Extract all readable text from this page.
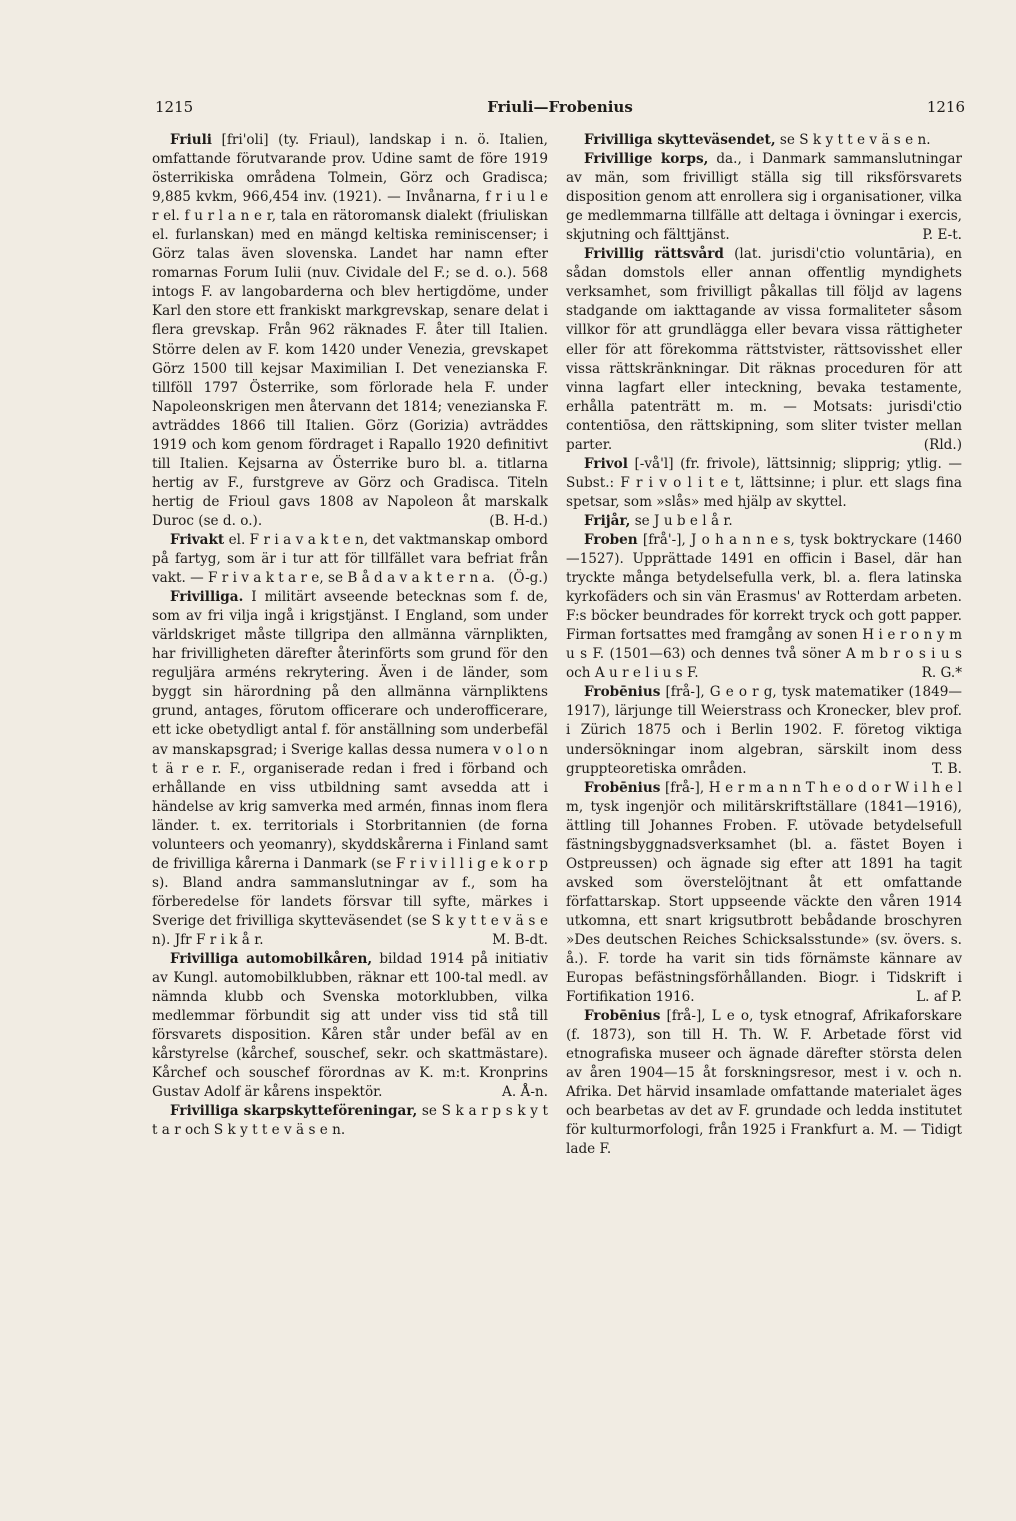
1215	Friuli—Frobenius	1216

Friuli [fri'oli] (ty. Friaul), landskap i n. ö. Italien, omfattande förutvarande prov. Udine samt de före 1919 österrikiska områdena Tolmein, Görz och Gradisca; 9,885 kvkm, 966,454 inv. (1921). — Invånarna, f r i u l e r el. f u r l a n e r, tala en rätoromansk dialekt (friuliskan el. furlanskan) med en mängd keltiska reminiscenser; i Görz talas även slovenska. Landet har namn efter romarnas Forum Iulii (nuv. Cividale del F.; se d. o.). 568 intogs F. av langobarderna och blev hertigdöme, under Karl den store ett frankiskt markgrevskap, senare delat i flera grevskap. Från 962 räknades F. åter till Italien. Större delen av F. kom 1420 under Venezia, grevskapet Görz 1500 till kejsar Maximilian I. Det venezianska F. tillföll 1797 Österrike, som förlorade hela F. under Napoleonskrigen men återvann det 1814; venezianska F. avträddes 1866 till Italien. Görz (Gorizia) avträddes 1919 och kom genom fördraget i Rapallo 1920 definitivt till Italien. Kejsarna av Österrike buro bl. a. titlarna hertig av F., furstgreve av Görz och Gradisca. Titeln hertig de Frioul gavs 1808 av Napoleon åt marskalk Duroc (se d. o.).	(B. H-d.)

Frivakt el. F r i a v a k t e n, det vaktmanskap ombord på fartyg, som är i tur att för tillfället vara befriat från vakt. — F r i v a k t a r e, se B å d a v a k t e r n a. (Ö-g.)

Frivilliga. I militärt avseende betecknas som f. de, som av fri vilja ingå i krigstjänst. I England, som under världskriget måste tillgripa den allmänna värnplikten, har frivilligheten därefter återinförts som grund för den reguljära arméns rekrytering. Även i de länder, som byggt sin härordning på den allmänna värnpliktens grund, antages, förutom officerare och underofficerare, ett icke obetydligt antal f. för anställning som underbefäl av manskapsgrad; i Sverige kallas dessa numera v o l o n t ä r e r. F., organiserade redan i fred i förband och erhållande en viss utbildning samt avsedda att i händelse av krig samverka med armén, finnas inom flera länder. t. ex. territorials i Storbritannien (de forna volunteers och yeomanry), skyddskårerna i Finland samt de frivilliga kårerna i Danmark (se F r i v i l l i g e k o r p s). Bland andra sammanslutningar av f., som ha förberedelse för landets försvar till syfte, märkes i Sverige det frivilliga skytteväsendet (se S k y t t e v ä s e n). Jfr F r i k å r.	M. B-dt.

Frivilliga automobilkåren, bildad 1914 på initiativ av Kungl. automobilklubben, räknar ett 100-tal medl. av nämnda klubb och Svenska motorklubben, vilka medlemmar förbundit sig att under viss tid stå till försvarets disposition. Kåren står under befäl av en kårstyrelse (kårchef, souschef, sekr. och skattmästare). Kårchef och souschef förordnas av K. m:t. Kronprins Gustav Adolf är kårens inspektör.	A. Å-n.

Frivilliga skarpskytteföreningar, se S k a r p s k y t t a r och S k y t t e v ä s e n.

Frivilliga skytteväsendet, se S k y t t e v ä s e n.

Frivillige korps, da., i Danmark sammanslutningar av män, som frivilligt ställa sig till riksförsvarets disposition genom att enrollera sig i organisationer, vilka ge medlemmarna tillfälle att deltaga i övningar i exercis, skjutning och fälttjänst.	P. E-t.

Frivillig rättsvård (lat. jurisdi'ctio voluntāria), en sådan domstols eller annan offentlig myndighets verksamhet, som frivilligt påkallas till följd av lagens stadgande om iakttagande av vissa formaliteter såsom villkor för att grundlägga eller bevara vissa rättigheter eller för att förekomma rättstvister, rättsovisshet eller vissa rättskränkningar. Dit räknas proceduren för att vinna lagfart eller inteckning, bevaka testamente, erhålla patenträtt m. m. — Motsats: jurisdi'ctio contentiōsa, den rättskipning, som sliter tvister mellan parter.	(Rld.)

Frivol [-vå'l] (fr. frivole), lättsinnig; slipprig; ytlig. — Subst.: F r i v o l i t e t, lättsinne; i plur. ett slags fina spetsar, som »slås» med hjälp av skyttel.

Frijår, se J u b e l å r.

Froben [frå'-], J o h a n n e s, tysk boktryckare (1460—1527). Upprättade 1491 en officin i Basel, där han tryckte många betydelsefulla verk, bl. a. flera latinska kyrkofäders och sin vän Erasmus' av Rotterdam arbeten. F:s böcker beundrades för korrekt tryck och gott papper. Firman fortsattes med framgång av sonen H i e r o n y m u s F. (1501—63) och dennes två söner A m b r o s i u s och A u r e l i u s F.	R. G.*

Frobēnius [frå-], G e o r g, tysk matematiker (1849—1917), lärjunge till Weierstrass och Kronecker, blev prof. i Zürich 1875 och i Berlin 1902. F. företog viktiga undersökningar inom algebran, särskilt inom dess gruppteoretiska områden.	T. B.

Frobēnius [frå-], H e r m a n n T h e o d o r W i l h e l m, tysk ingenjör och militärskriftställare (1841—1916), ättling till Johannes Froben. F. utövade betydelsefull fästningsbyggnadsverksamhet (bl. a. fästet Boyen i Ostpreussen) och ägnade sig efter att 1891 ha tagit avsked som överstelöjtnant åt ett omfattande författarskap. Stort uppseende väckte den våren 1914 utkomna, ett snart krigsutbrott bebådande broschyren »Des deutschen Reiches Schicksalsstunde» (sv. övers. s. å.). F. torde ha varit sin tids förnämste kännare av Europas befästningsförhållanden. Biogr. i Tidskrift i Fortifikation 1916.	L. af P.

Frobēnius [frå-], L e o, tysk etnograf, Afrikaforskare (f. 1873), son till H. Th. W. F. Arbetade först vid etnografiska museer och ägnade därefter största delen av åren 1904—15 åt forskningsresor, mest i v. och n. Afrika. Det härvid insamlade omfattande materialet äges och bearbetas av det av F. grundade och ledda institutet för kulturmorfologi, från 1925 i Frankfurt a. M. — Tidigt lade F.
